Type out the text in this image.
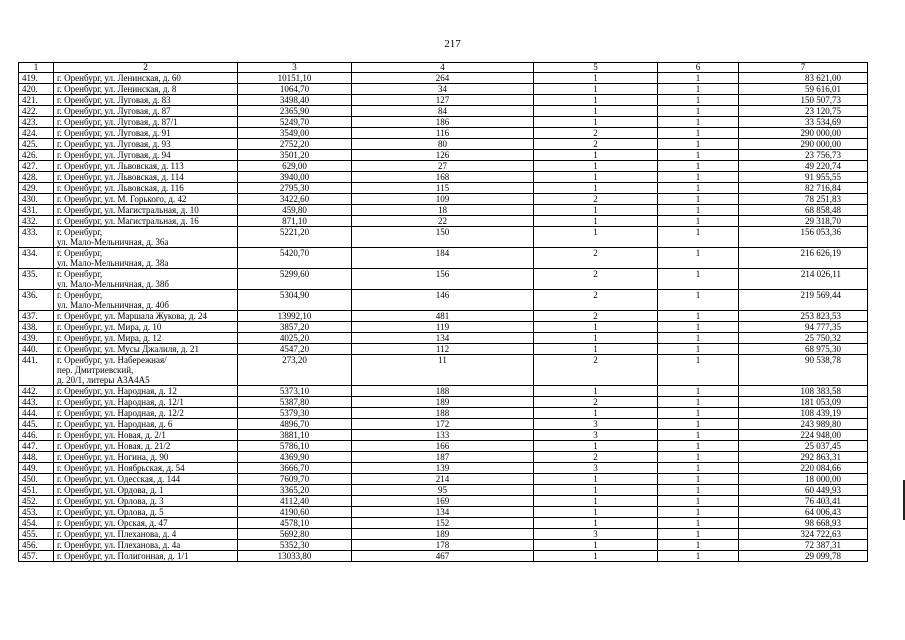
217
1	2	3	4	5	6	7
419.	г. Оренбург, ул. Ленинская, д. 60	10151,10	264	1	1	83 621,00
420.	г. Оренбург, ул. Ленинская, д. 8	1064,70	34	1	1	59 616,01
421.	г. Оренбург, ул. Луговая, д. 83	3498,40	127	1	1	150 507,73
422.	г. Оренбург, ул. Луговая, д. 87	2365,90	84	1	1	23 120,75
423.	г. Оренбург, ул. Луговая, д. 87/1	5249,70	186	1	1	33 534,69
424.	г. Оренбург, ул. Луговая, д. 91	3549,00	116	2	1	290 000,00
425.	г. Оренбург, ул. Луговая, д. 93	2752,20	80	2	1	290 000,00
426.	г. Оренбург, ул. Луговая, д. 94	3501,20	126	1	1	23 756,73
427.	г. Оренбург, ул. Львовская, д. 113	629,00	27	1	1	49 220,74
428.	г. Оренбург, ул. Львовская, д. 114	3940,00	168	1	1	91 955,55
429.	г. Оренбург, ул. Львовская, д. 116	2795,30	115	1	1	82 716,84
430.	г. Оренбург, ул. М. Горького, д. 42	3422,60	109	2	1	78 251,83
431.	г. Оренбург, ул. Магистральная, д. 10	459,80	18	1	1	68 858,48
432.	г. Оренбург, ул. Магистральная, д. 16	871,10	22	1	1	29 318,70
433.	г. Оренбург,
ул. Мало-Мельничная, д. 36а	5221,20	150	1	1	156 053,36
434.	г. Оренбург,
ул. Мало-Мельничная, д. 38а	5420,70	184	2	1	216 626,19
435.	г. Оренбург,
ул. Мало-Мельничная, д. 38б	5299,60	156	2	1	214 026,11
436.	г. Оренбург,
ул. Мало-Мельничная, д. 40б	5304,90	146	2	1	219 569,44
437.	г. Оренбург, ул. Маршала Жукова, д. 24	13992,10	481	2	1	253 823,53
438.	г. Оренбург, ул. Мира, д. 10	3857,20	119	1	1	94 777,35
439.	г. Оренбург, ул. Мира, д. 12	4025,20	134	1	1	25 750,32
440.	г. Оренбург, ул. Мусы Джалиля, д. 21	4547,20	112	1	1	68 975,30
441.	г. Оренбург, ул. Набережная/
пер. Дмитриевский,
д. 20/1, литеры А3А4А5	273,20	11	2	1	90 538,78
442.	г. Оренбург, ул. Народная, д. 12	5373,10	188	1	1	108 383,58
443.	г. Оренбург, ул. Народная, д. 12/1	5387,80	189	2	1	181 053,09
444.	г. Оренбург, ул. Народная, д. 12/2	5379,30	188	1	1	108 439,19
445.	г. Оренбург, ул. Народная, д. 6	4896,70	172	3	1	243 989,80
446.	г. Оренбург, ул. Новая, д. 2/1	3881,10	133	3	1	224 948,00
447.	г. Оренбург, ул. Новая, д. 21/2	5786,10	166	1	1	25 037,45
448.	г. Оренбург, ул. Ногина, д. 90	4369,90	187	2	1	292 863,31
449.	г. Оренбург, ул. Ноябрьская, д. 54	3666,70	139	3	1	220 084,66
450.	г. Оренбург, ул. Одесская, д. 144	7609,70	214	1	1	18 000,00
451.	г. Оренбург, ул. Ордова, д. 1	3365,20	95	1	1	60 449,93
452.	г. Оренбург, ул. Орлова, д. 3	4112,40	169	1	1	76 403,41
453.	г. Оренбург, ул. Орлова, д. 5	4190,60	134	1	1	64 006,43
454.	г. Оренбург, ул. Орская, д. 47	4578,10	152	1	1	98 668,93
455.	г. Оренбург, ул. Плеханова, д. 4	5692,80	189	3	1	324 722,63
456.	г. Оренбург, ул. Плеханова, д. 4а	5352,30	178	1	1	72 387,31
457.	г. Оренбург, ул. Полигонная, д. 1/1	13033,80	467	1	1	29 099,78
